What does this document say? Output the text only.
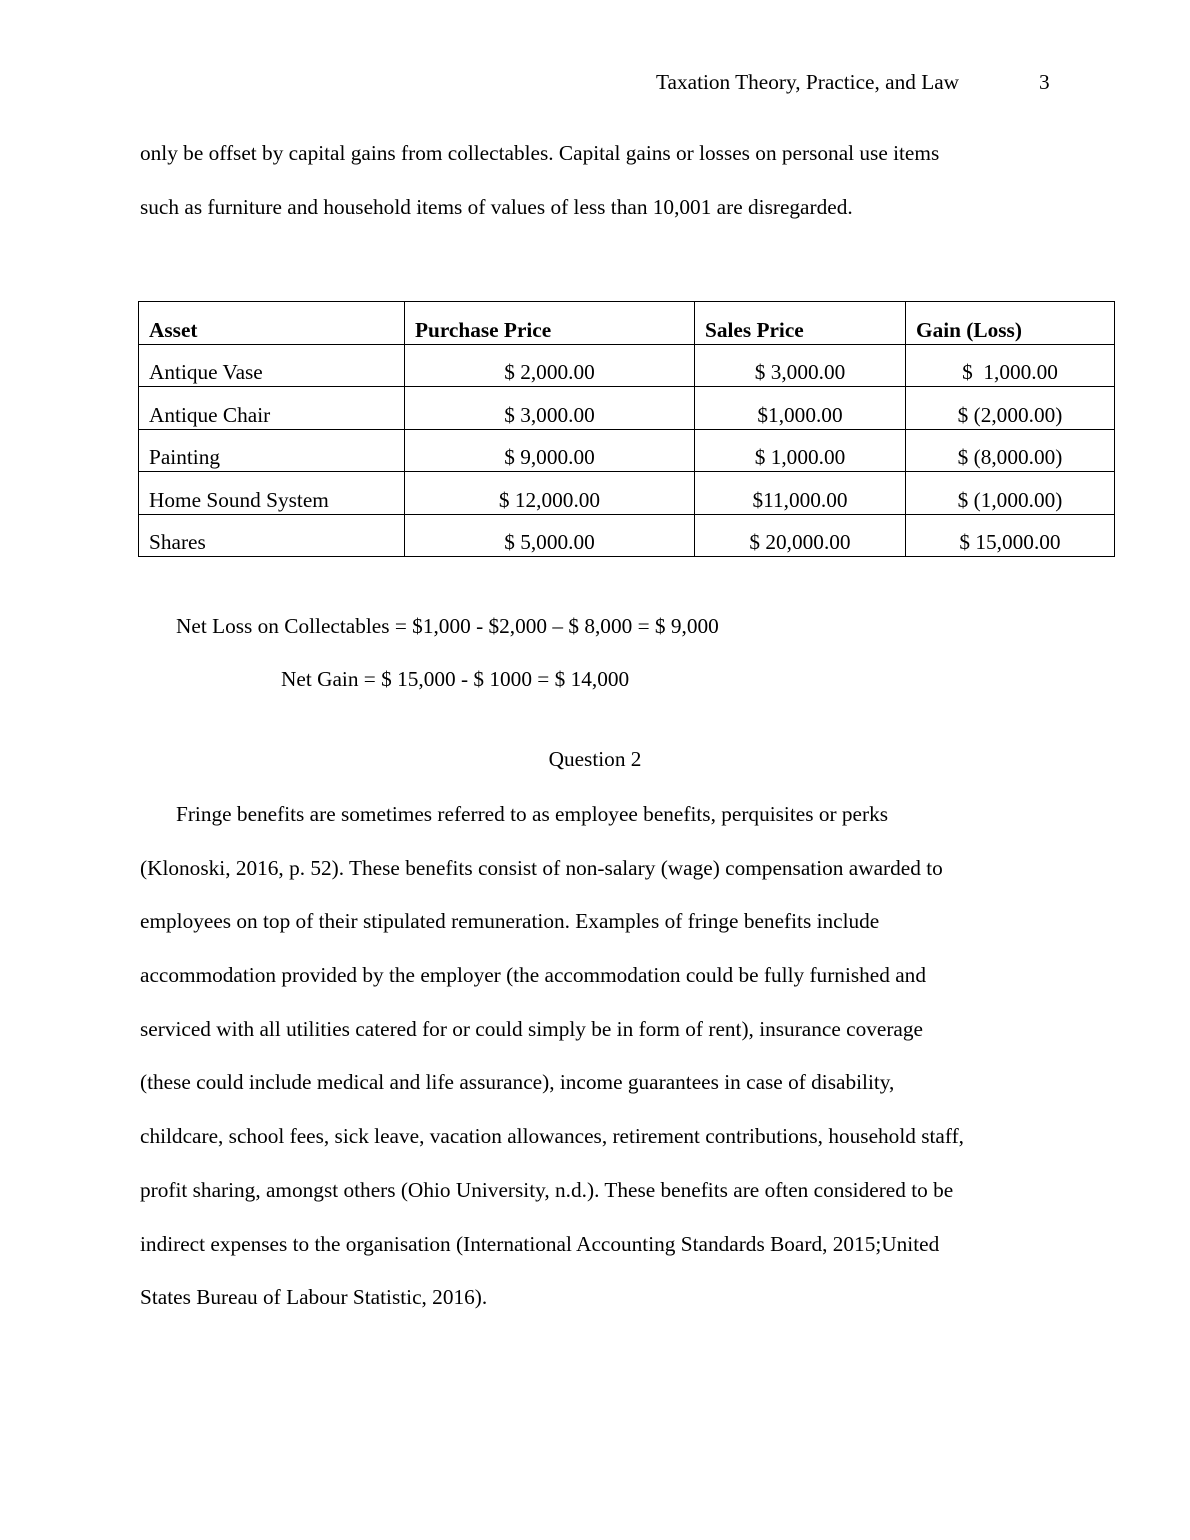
Taxation Theory, Practice, and Law	3
only be offset by capital gains from collectables. Capital gains or losses on personal use items
such as furniture and household items of values of less than 10,001 are disregarded.
Asset	Purchase Price	Sales Price	Gain (Loss)
Antique Vase	$ 2,000.00	$ 3,000.00	$  1,000.00
Antique Chair	$ 3,000.00	$1,000.00	$ (2,000.00)
Painting	$ 9,000.00	$ 1,000.00	$ (8,000.00)
Home Sound System	$ 12,000.00	$11,000.00	$ (1,000.00)
Shares	$ 5,000.00	$ 20,000.00	$ 15,000.00
Net Loss on Collectables = $1,000 - $2,000 – $ 8,000 = $ 9,000
Net Gain = $ 15,000 - $ 1000 = $ 14,000
Question 2
Fringe benefits are sometimes referred to as employee benefits, perquisites or perks
(Klonoski, 2016, p. 52). These benefits consist of non-salary (wage) compensation awarded to
employees on top of their stipulated remuneration. Examples of fringe benefits include
accommodation provided by the employer (the accommodation could be fully furnished and
serviced with all utilities catered for or could simply be in form of rent), insurance coverage
(these could include medical and life assurance), income guarantees in case of disability,
childcare, school fees, sick leave, vacation allowances, retirement contributions, household staff,
profit sharing, amongst others (Ohio University, n.d.). These benefits are often considered to be
indirect expenses to the organisation (International Accounting Standards Board, 2015;United
States Bureau of Labour Statistic, 2016).
